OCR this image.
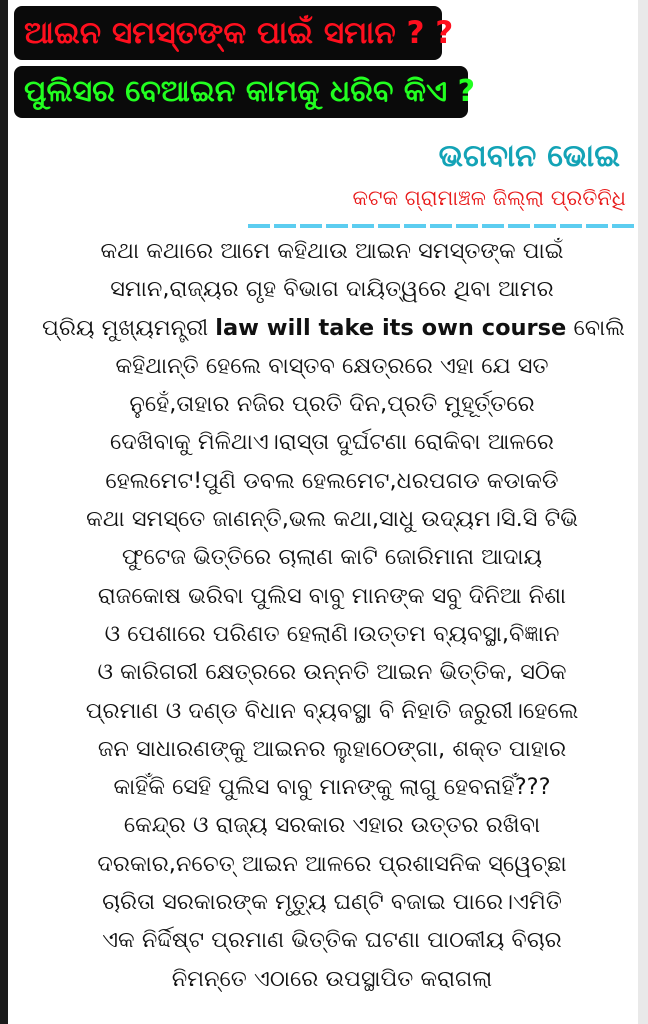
ଆଇନ ସମସ୍ତଙ୍କ ପାଇଁ ସମାନ ? ?
ପୁଲିସର ବେଆଇନ କାମକୁ ଧରିବ କିଏ ?
ଭଗବାନ ଭୋଇ
କଟକ ଗ୍ରାମାଞ୍ଚଳ ଜିଲ୍ଲା ପ୍ରତିନିଧି
କଥା କଥାରେ ଆମେ କହିଥାଉ ଆଇନ ସମସ୍ତଙ୍କ ପାଇଁ
ସମାନ,ରାଜ୍ୟର ଗୃହ ବିଭାଗ ଦାୟିତ୍ୱରେ ଥିବା ଆମର
ପ୍ରିୟ ମୁଖ୍ୟମନ୍ତ୍ରୀ law will take its own course ବୋଲି
କହିଥାନ୍ତି ହେଲେ ବାସ୍ତବ କ୍ଷେତ୍ରରେ ଏହା ଯେ ସତ
ନୁହେଁ,ତାହାର ନଜିର ପ୍ରତି ଦିନ,ପ୍ରତି ମୁହୂର୍ତ୍ତରେ
ଦେଖିବାକୁ ମିଳିଥାଏ।ରାସ୍ତା ଦୁର୍ଘଟଣା ରୋକିବା ଆଳରେ
ହେଲମେଟ!ପୁଣି ଡବଲ ହେଲମେଟ,ଧରପଗଡ କଡାକଡି
କଥା ସମସ୍ତେ ଜାଣନ୍ତି,ଭଲ କଥା,ସାଧୁ ଉଦ୍ୟମ।ସି.ସି ଟିଭି
ଫୁଟେଜ ଭିତ୍ତିରେ ଚାଲାଣ କାଟି ଜୋରିମାନା ଆଦାୟ
ରାଜକୋଷ ଭରିବା ପୁଲିସ ବାବୁ ମାନଙ୍କ ସବୁ ଦିନିଆ ନିଶା
ଓ ପେଶାରେ ପରିଣତ ହେଲାଣି।ଉତ୍ତମ ବ୍ୟବସ୍ଥା,ବିଜ୍ଞାନ
ଓ କାରିଗରୀ କ୍ଷେତ୍ରରେ ଉନ୍ନତି ଆଇନ ଭିତ୍ତିକ, ସଠିକ
ପ୍ରମାଣ ଓ ଦଣ୍ଡ ବିଧାନ ବ୍ୟବସ୍ଥା ବି ନିହାତି ଜରୁରୀ।ହେଲେ
ଜନ ସାଧାରଣଙ୍କୁ ଆଇନର ଲୁହାଠେଙ୍ଗା, ଶକ୍ତ ପାହାର
କାହିଁକି ସେହି ପୁଲିସ ବାବୁ ମାନଙ୍କୁ ଲାଗୁ ହେବନାହିଁ???
କେନ୍ଦ୍ର ଓ ରାଜ୍ୟ ସରକାର ଏହାର ଉତ୍ତର ରଖିବା
ଦରକାର,ନଚେତ୍ ଆଇନ ଆଳରେ ପ୍ରଶାସନିକ ସ୍ୱେଚ୍ଛା
ଚାରିତା ସରକାରଙ୍କ ମୃତ୍ୟୁ ଘଣ୍ଟି ବଜାଇ ପାରେ।ଏମିତି
ଏକ ନିର୍ଦ୍ଦିଷ୍ଟ ପ୍ରମାଣ ଭିତ୍ତିକ ଘଟଣା ପାଠକୀୟ ବିଚାର
ନିମନ୍ତେ ଏଠାରେ ଉପସ୍ଥାପିତ କରାଗଲା
